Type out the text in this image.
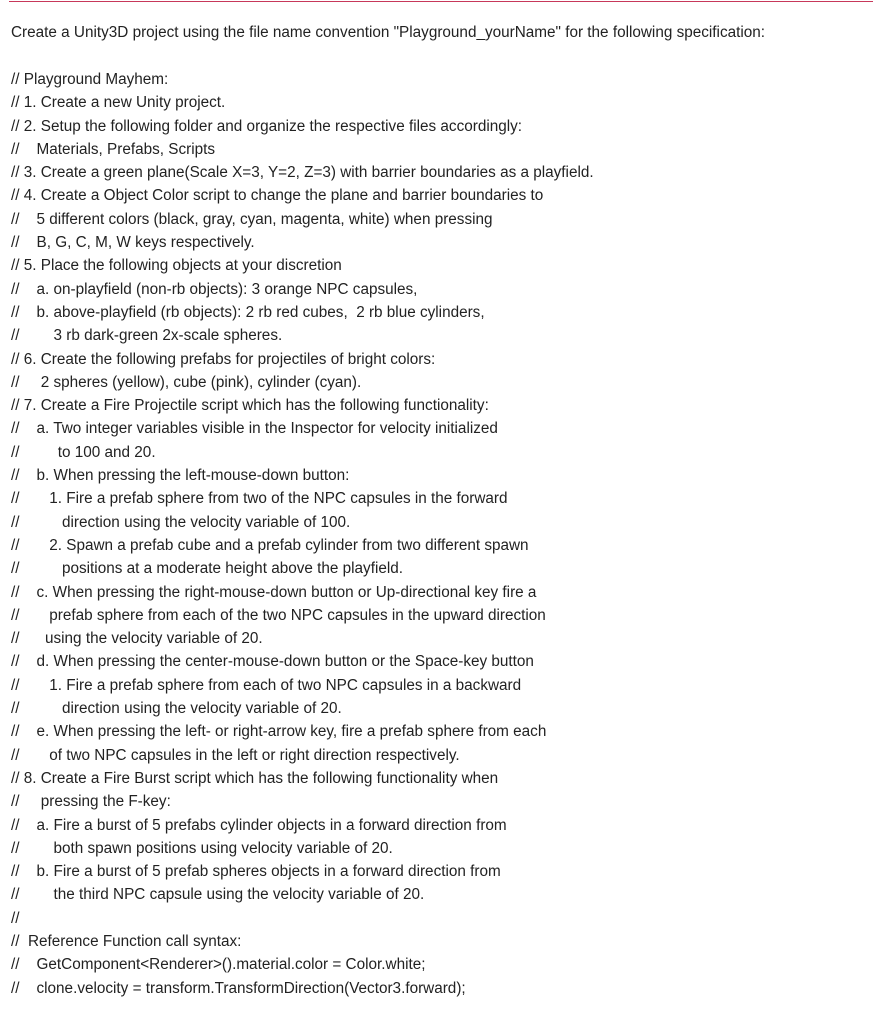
Create a Unity3D project using the file name convention "Playground_yourName" for the following specification:

// Playground Mayhem:
// 1. Create a new Unity project.
// 2. Setup the following folder and organize the respective files accordingly:
//    Materials, Prefabs, Scripts
// 3. Create a green plane(Scale X=3, Y=2, Z=3) with barrier boundaries as a playfield.
// 4. Create a Object Color script to change the plane and barrier boundaries to
//    5 different colors (black, gray, cyan, magenta, white) when pressing
//    B, G, C, M, W keys respectively.
// 5. Place the following objects at your discretion
//    a. on-playfield (non-rb objects): 3 orange NPC capsules,
//    b. above-playfield (rb objects): 2 rb red cubes,  2 rb blue cylinders,
//        3 rb dark-green 2x-scale spheres.
// 6. Create the following prefabs for projectiles of bright colors:
//     2 spheres (yellow), cube (pink), cylinder (cyan).
// 7. Create a Fire Projectile script which has the following functionality:
//    a. Two integer variables visible in the Inspector for velocity initialized
//         to 100 and 20.
//    b. When pressing the left-mouse-down button:
//       1. Fire a prefab sphere from two of the NPC capsules in the forward
//          direction using the velocity variable of 100.
//       2. Spawn a prefab cube and a prefab cylinder from two different spawn
//          positions at a moderate height above the playfield.
//    c. When pressing the right-mouse-down button or Up-directional key fire a
//       prefab sphere from each of the two NPC capsules in the upward direction
//      using the velocity variable of 20.
//    d. When pressing the center-mouse-down button or the Space-key button
//       1. Fire a prefab sphere from each of two NPC capsules in a backward
//          direction using the velocity variable of 20.
//    e. When pressing the left- or right-arrow key, fire a prefab sphere from each
//       of two NPC capsules in the left or right direction respectively.
// 8. Create a Fire Burst script which has the following functionality when
//     pressing the F-key:
//    a. Fire a burst of 5 prefabs cylinder objects in a forward direction from
//        both spawn positions using velocity variable of 20.
//    b. Fire a burst of 5 prefab spheres objects in a forward direction from
//        the third NPC capsule using the velocity variable of 20.
//
//  Reference Function call syntax:
//    GetComponent<Renderer>().material.color = Color.white;
//    clone.velocity = transform.TransformDirection(Vector3.forward);
